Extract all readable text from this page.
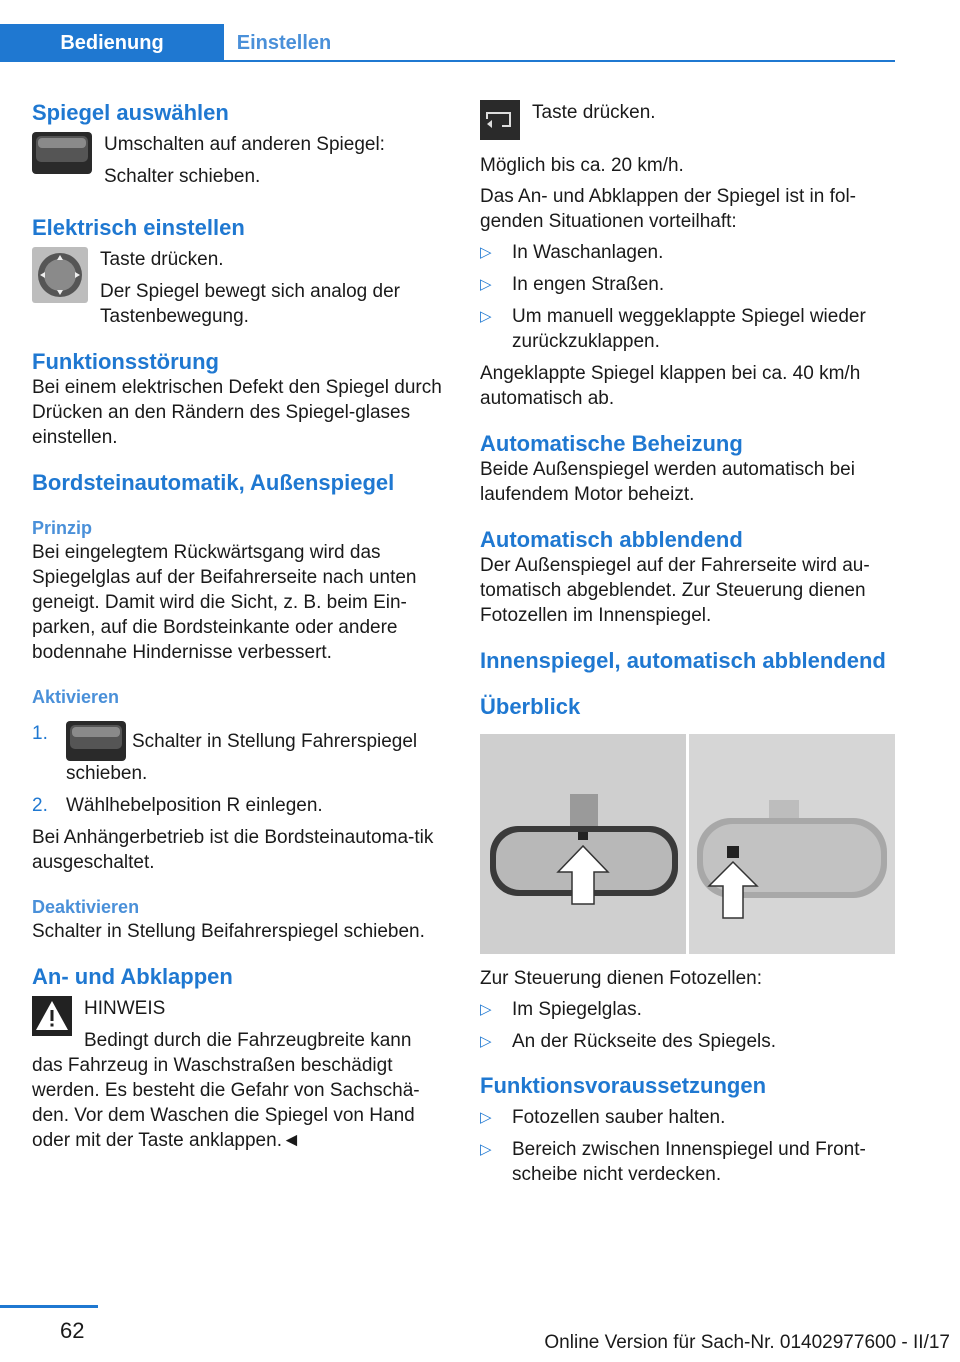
Bedienung	Einstellen
Spiegel auswählen

Umschalten auf anderen Spiegel:

Schalter schieben.

Elektrisch einstellen

Taste drücken.

Der Spiegel bewegt sich analog der Tastenbewegung.

Funktionsstörung

Bei einem elektrischen Defekt den Spiegel durch Drücken an den Rändern des Spiegel-glases einstellen.

Bordsteinautomatik, Außenspiegel
Prinzip

Bei eingelegtem Rückwärtsgang wird das Spiegelglas auf der Beifahrerseite nach unten geneigt. Damit wird die Sicht, z. B. beim Ein-parken, auf die Bordsteinkante oder andere bodennahe Hindernisse verbessert.

Aktivieren
1.	Schalter in Stellung Fahrerspiegel schieben.
2. Wählhebelposition R einlegen.

Bei Anhängerbetrieb ist die Bordsteinautoma-tik ausgeschaltet.

Deaktivieren

Schalter in Stellung Beifahrerspiegel schieben.

An- und Abklappen

HINWEIS

Bedingt durch die Fahrzeugbreite kann

das Fahrzeug in Waschstraßen beschädigt werden. Es besteht die Gefahr von Sachschä-den. Vor dem Waschen die Spiegel von Hand oder mit der Taste anklappen.◄

Taste drücken.

Möglich bis ca. 20 km/h.

Das An- und Abklappen der Spiegel ist in fol-genden Situationen vorteilhaft:

▷	In Waschanlagen.
▷	In engen Straßen.
▷	Um manuell weggeklappte Spiegel wieder zurückzuklappen.

Angeklappte Spiegel klappen bei ca. 40 km/h automatisch ab.

Automatische Beheizung

Beide Außenspiegel werden automatisch bei laufendem Motor beheizt.

Automatisch abblendend

Der Außenspiegel auf der Fahrerseite wird au-tomatisch abgeblendet. Zur Steuerung dienen Fotozellen im Innenspiegel.

Innenspiegel, automatisch abblendend
Überblick

Zur Steuerung dienen Fotozellen:

▷	Im Spiegelglas.
▷	An der Rückseite des Spiegels.
Funktionsvoraussetzungen
▷	Fotozellen sauber halten.
▷	Bereich zwischen Innenspiegel und Front-scheibe nicht verdecken.
62	Online Version für Sach-Nr. 01402977600 - II/17
